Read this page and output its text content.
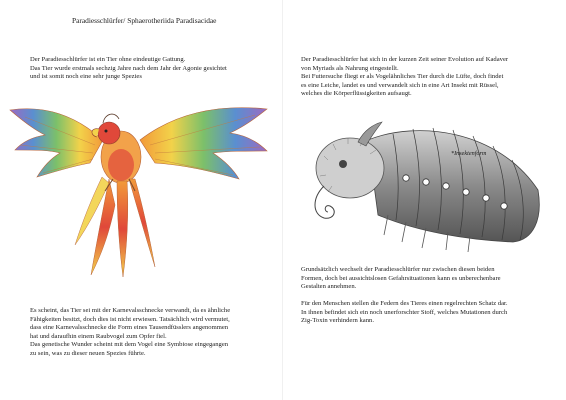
Paradiesschlürfer/ Sphaerotheriida Paradisacidae
Der Paradiesschlürfer ist ein Tier ohne eindeutige Gattung.
Das Tier wurde erstmals sechzig Jahre nach dem Jahr der Agonie gesichtet
und ist somit noch eine sehr junge Spezies
Es scheint, das Tier sei mit der Karnevalsschnecke verwandt, da es ähnliche
Fähigkeiten besitzt, doch dies ist nicht erwiesen. Tatsächlich wird vermutet,
dass eine Karnevalsschnecke die Form eines Tausendfüsslers angenommen
hat und daraufhin einem Raubvogel zum Opfer fiel.
Das genetische Wunder scheint mit dem Vogel eine Symbiose eingegangen
zu sein, was zu dieser neuen Spezies führte.
Der Paradiesschlürfer hat sich in der kurzen Zeit seiner Evolution auf Kadaver
von Myriads als Nahrung eingestellt.
Bei Futtersuche fliegt er als Vogelähnliches Tier durch die Lüfte, doch findet
es eine Leiche, landet es und verwandelt sich in eine Art Insekt mit Rüssel,
welches die Körperflüssigkeiten aufsaugt.
*Insektenform
Grundsätzlich wechselt der Paradiesschlürfer nur zwischen diesen beiden
Formen, doch bei aussichtslosen Gefahrsituationen kann es unberechenbare
Gestalten annehmen.

Für den Menschen stellen die Federn des Tieres einen regelrechten Schatz dar.
In ihnen befindet sich ein noch unerforschter Stoff, welches Mutationen durch
Zig-Toxin verhindern kann.
